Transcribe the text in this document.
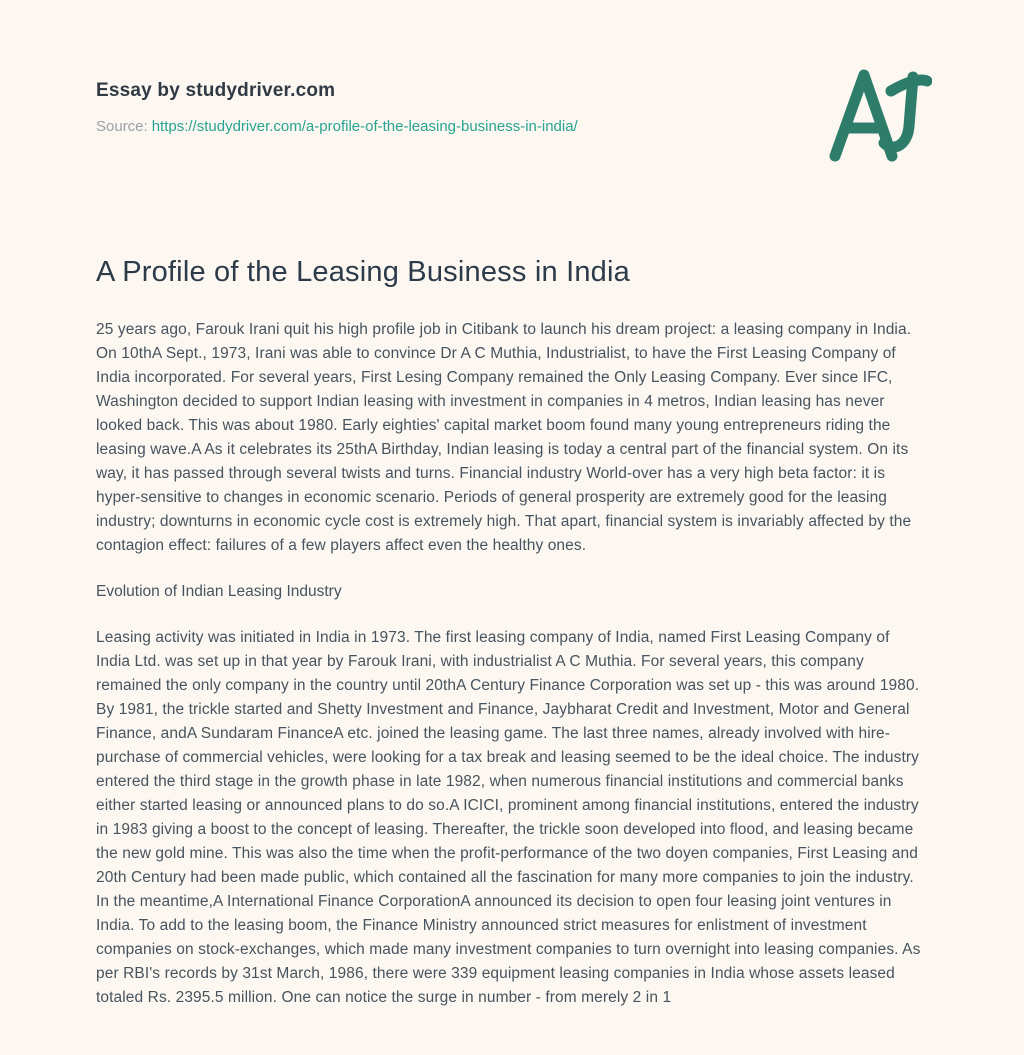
Essay by studydriver.com
Source: https://studydriver.com/a-profile-of-the-leasing-business-in-india/
A Profile of the Leasing Business in India

25 years ago, Farouk Irani quit his high profile job in Citibank to launch his dream project: a leasing company in India. On 10thA Sept., 1973, Irani was able to convince Dr A C Muthia, Industrialist, to have the First Leasing Company of India incorporated. For several years, First Lesing Company remained the Only Leasing Company. Ever since IFC, Washington decided to support Indian leasing with investment in companies in 4 metros, Indian leasing has never looked back. This was about 1980. Early eighties' capital market boom found many young entrepreneurs riding the leasing wave.A As it celebrates its 25thA Birthday, Indian leasing is today a central part of the financial system. On its way, it has passed through several twists and turns. Financial industry World-over has a very high beta factor: it is hyper-sensitive to changes in economic scenario. Periods of general prosperity are extremely good for the leasing industry; downturns in economic cycle cost is extremely high. That apart, financial system is invariably affected by the contagion effect: failures of a few players affect even the healthy ones.

Evolution of Indian Leasing Industry

Leasing activity was initiated in India in 1973. The first leasing company of India, named First Leasing Company of India Ltd. was set up in that year by Farouk Irani, with industrialist A C Muthia. For several years, this company remained the only company in the country until 20thA Century Finance Corporation was set up - this was around 1980. By 1981, the trickle started and Shetty Investment and Finance, Jaybharat Credit and Investment, Motor and General Finance, andA Sundaram FinanceA etc. joined the leasing game. The last three names, already involved with hire-purchase of commercial vehicles, were looking for a tax break and leasing seemed to be the ideal choice. The industry entered the third stage in the growth phase in late 1982, when numerous financial institutions and commercial banks either started leasing or announced plans to do so.A ICICI, prominent among financial institutions, entered the industry in 1983 giving a boost to the concept of leasing. Thereafter, the trickle soon developed into flood, and leasing became the new gold mine. This was also the time when the profit-performance of the two doyen companies, First Leasing and 20th Century had been made public, which contained all the fascination for many more companies to join the industry. In the meantime,A International Finance CorporationA announced its decision to open four leasing joint ventures in India. To add to the leasing boom, the Finance Ministry announced strict measures for enlistment of investment companies on stock-exchanges, which made many investment companies to turn overnight into leasing companies. As per RBI's records by 31st March, 1986, there were 339 equipment leasing companies in India whose assets leased totaled Rs. 2395.5 million. One can notice the surge in number - from merely 2 in 1
